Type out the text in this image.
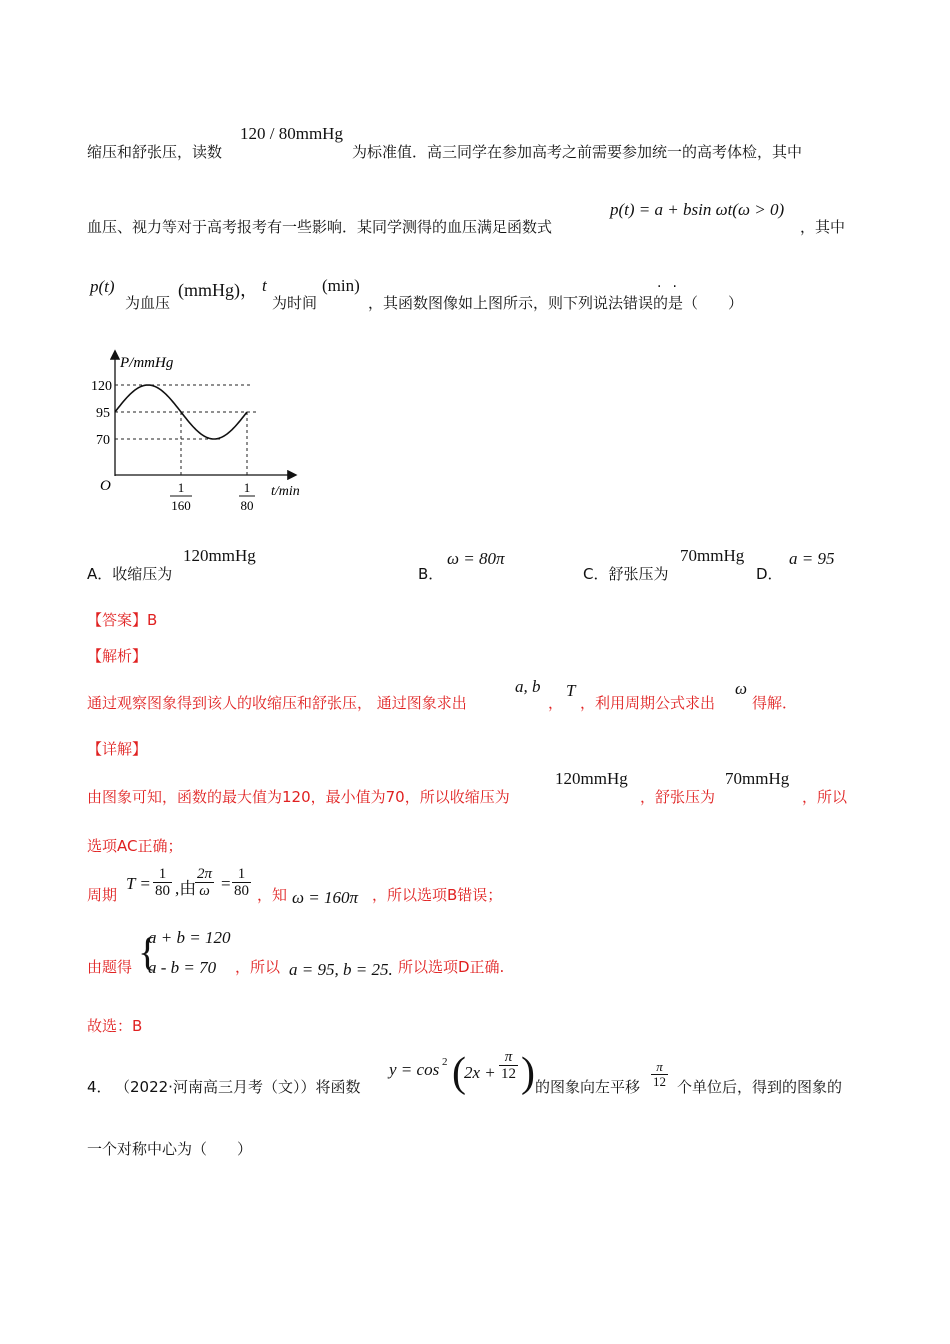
缩压和舒张压，读数
120 / 80mmHg
为标准值．高三同学在参加高考之前需要参加统一的高考体检，其中
血压、视力等对于高考报考有一些影响．某同学测得的血压满足函数式
p(t) = a + bsin ωt(ω > 0)
，其中
p(t)
为血压
(mmHg)， t
为时间
(min)
，其函数图像如上图所示，则下列说法错误的是（　　）
··
P/mmHg
120
95
70
O	1
160
1
80
t/min
A．收缩压为
120mmHg
B．
ω = 80π
C．舒张压为
70mmHg
D．
a = 95
【答案】B
【解析】
通过观察图象得到该人的收缩压和舒张压， 通过图象求出
a, b
，
T
，利用周期公式求出
ω
得解．
【详解】
由图象可知，函数的最大值为120，最小值为70，所以收缩压为
120mmHg
，舒张压为
70mmHg
，所以
选项AC正确；
周期
$T = \frac{1}{80}$ ,由
$\frac{2\pi}{\omega} = \frac{1}{80}$ ，知 ω = 160π ，所以选项B错误；
由题得 {
a + b = 120
a - b = 70 ，所以 a = 95, b = 25. 所以选项D正确.
故选：B
4． （2022·河南高三月考（文））将函数
y = cos 2 (
$2x + \frac{\pi}{12}$ ) 的图象向左平移 $\frac{\pi}{12}$ 个单位后，得到的图象的
一个对称中心为（　　）
